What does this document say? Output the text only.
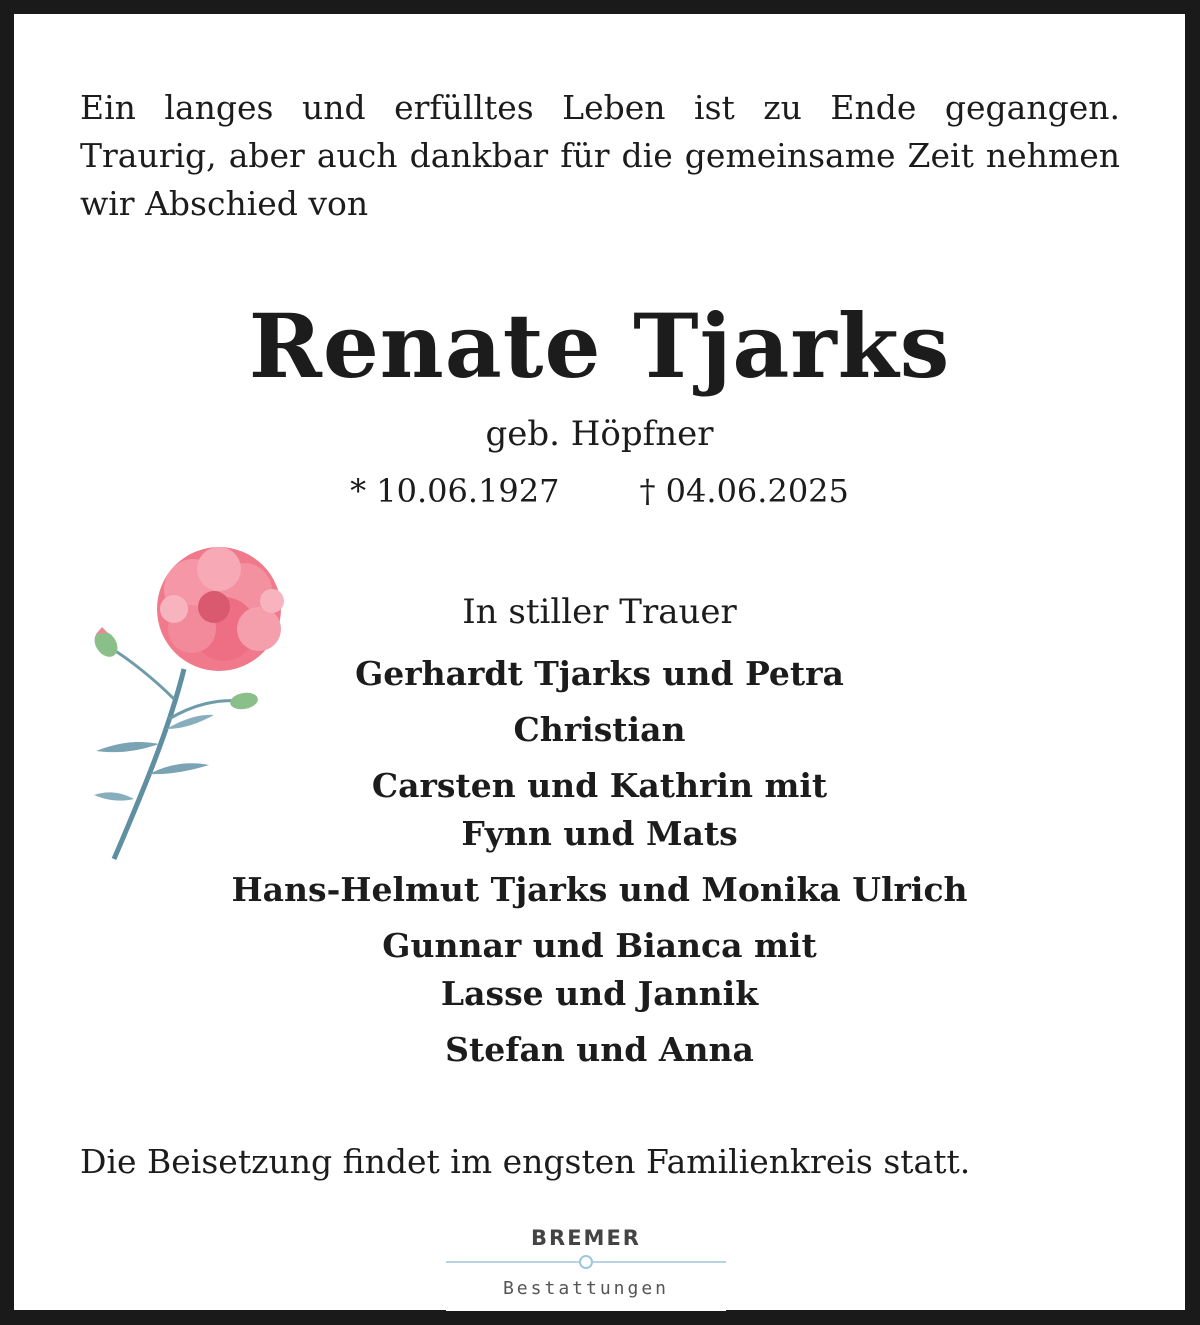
Ein langes und erfülltes Leben ist zu Ende gegangen. Traurig, aber auch dankbar für die gemeinsame Zeit nehmen wir Abschied von

Renate Tjarks

geb. Höpfner

* 10.06.1927	† 04.06.2025

In stiller Trauer

Gerhardt Tjarks und Petra
Christian
Carsten und Kathrin mit
Fynn und Mats
Hans-Helmut Tjarks und Monika Ulrich
Gunnar und Bianca mit
Lasse und Jannik
Stefan und Anna

Die Beisetzung findet im engsten Familienkreis statt.

BREMER
Bestattungen
